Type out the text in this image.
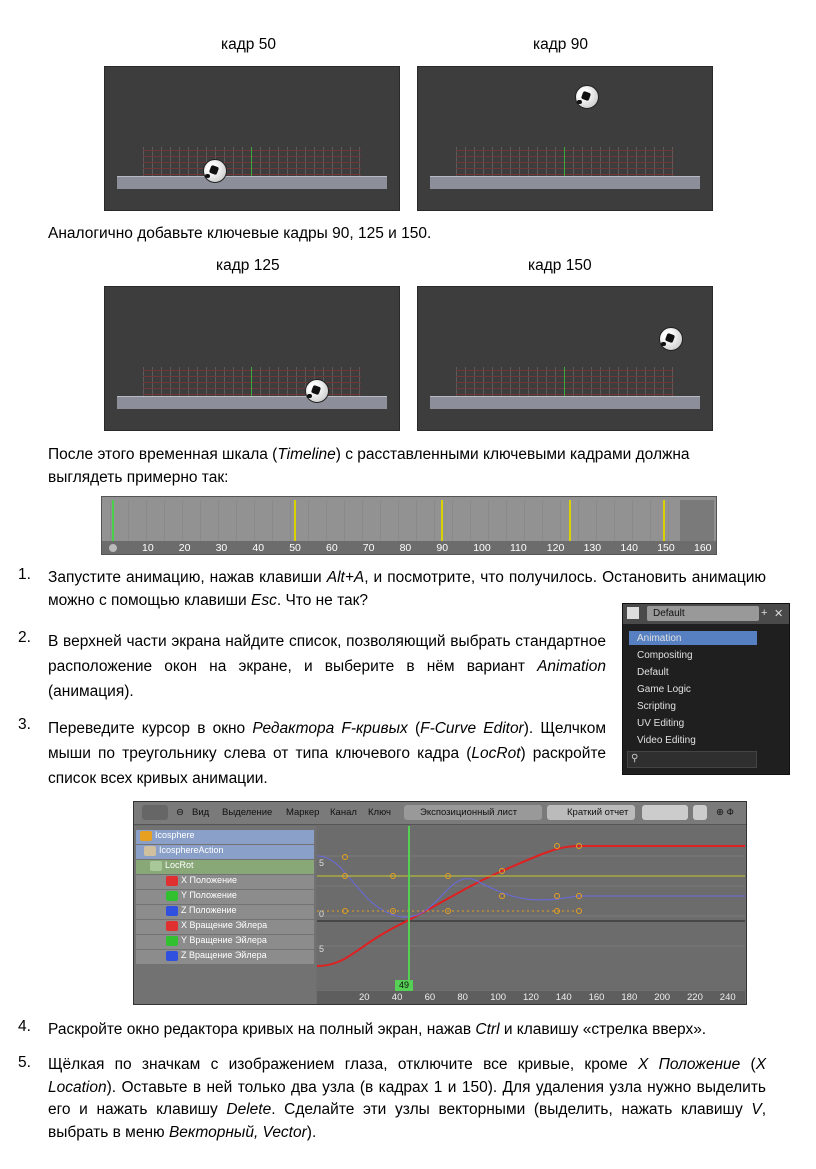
кадр 50	кадр 90
Аналогично добавьте ключевые кадры 90, 125 и 150.
кадр 125	кадр 150
После этого временная шкала (Timeline) с расставленными ключевыми кадрами должна выглядеть примерно так:
10 20 30 40 50 60 70 80 90 100 110 120 130 140 150 160
1. Запустите анимацию, нажав клавиши Alt+A, и посмотрите, что получилось. Остановить анимацию можно с помощью клавиши Esc. Что не так?
2. В верхней части экрана найдите список, позволяющий выбрать стандартное расположение окон на экране, и выберите в нём вариант Animation (анимация).
3. Переведите курсор в окно Редактора F-кривых (F-Curve Editor). Щелчком мыши по треугольнику слева от типа ключевого кадра (LocRot) раскройте список всех кривых анимации.
Default	+ ✕
Animation
Compositing
Default
Game Logic
Scripting
UV Editing
Video Editing
⚲
⊖ Вид Выделение Маркер Канал Ключ	Экспозиционный лист	Краткий отчет	⊕ Ф
Icosphere
IcosphereAction
LocRot
X Положение
Y Положение
Z Положение
X Вращение Эйлера
Y Вращение Эйлера
Z Вращение Эйлера
49
5
0
5
20 40 60 80 100 120 140 160 180 200 220 240
4. Раскройте окно редактора кривых на полный экран, нажав Ctrl и клавишу «стрелка вверх».
5. Щёлкая по значкам с изображением глаза, отключите все кривые, кроме X Положение (X Location). Оставьте в ней только два узла (в кадрах 1 и 150). Для удаления узла нужно выделить его и нажать клавишу Delete. Сделайте эти узлы векторными (выделить, нажать клавишу V, выбрать в меню Векторный, Vector).
